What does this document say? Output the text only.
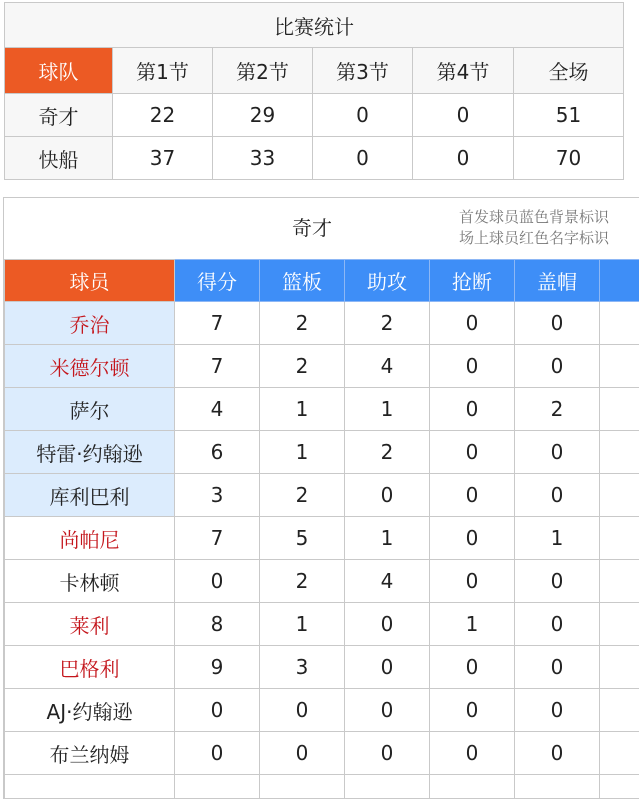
比赛统计					
球队	第1节	第2节	第3节	第4节	全场
奇才	22	29	0	0	51
快船	37	33	0	0	70
奇才	首发球员蓝色背景标识
场上球员红色名字标识
球员	得分	篮板	助攻	抢断	盖帽	
乔治	7	2	2	0	0	
米德尔顿	7	2	4	0	0	
萨尔	4	1	1	0	2	
特雷·约翰逊	6	1	2	0	0	
库利巴利	3	2	0	0	0	
尚帕尼	7	5	1	0	1	
卡林顿	0	2	4	0	0	
莱利	8	1	0	1	0	
巴格利	9	3	0	0	0	
AJ·约翰逊	0	0	0	0	0	
布兰纳姆	0	0	0	0	0	
